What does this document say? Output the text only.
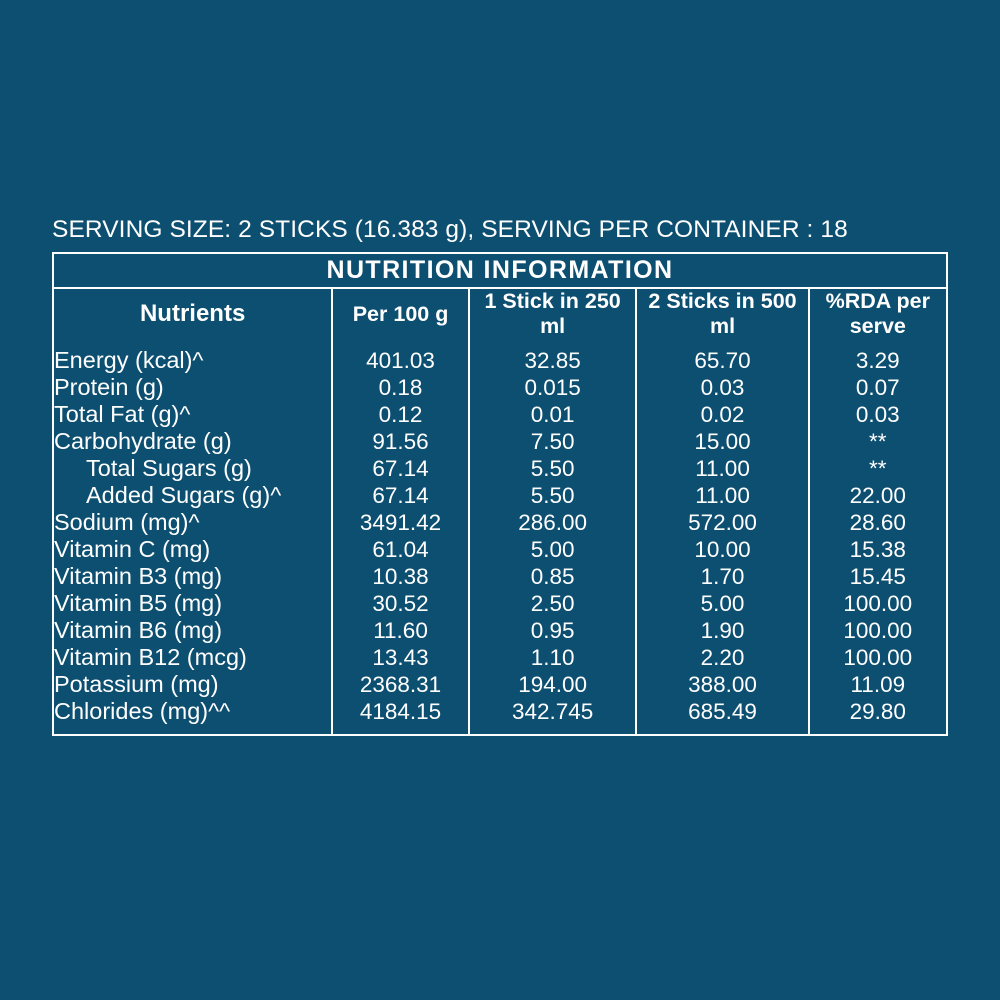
SERVING SIZE: 2 STICKS (16.383 g), SERVING PER CONTAINER : 18
NUTRITION INFORMATION
Nutrients	Per 100 g	1 Stick in 250 ml	2 Sticks in 500 ml	%RDA per serve
Energy (kcal)^	401.03	32.85	65.70	3.29
Protein (g)	0.18	0.015	0.03	0.07
Total Fat (g)^	0.12	0.01	0.02	0.03
Carbohydrate (g)	91.56	7.50	15.00	**
Total Sugars (g)	67.14	5.50	11.00	**
Added Sugars (g)^	67.14	5.50	11.00	22.00
Sodium (mg)^	3491.42	286.00	572.00	28.60
Vitamin C (mg)	61.04	5.00	10.00	15.38
Vitamin B3 (mg)	10.38	0.85	1.70	15.45
Vitamin B5 (mg)	30.52	2.50	5.00	100.00
Vitamin B6 (mg)	11.60	0.95	1.90	100.00
Vitamin B12 (mcg)	13.43	1.10	2.20	100.00
Potassium (mg)	2368.31	194.00	388.00	11.09
Chlorides (mg)^^	4184.15	342.745	685.49	29.80
